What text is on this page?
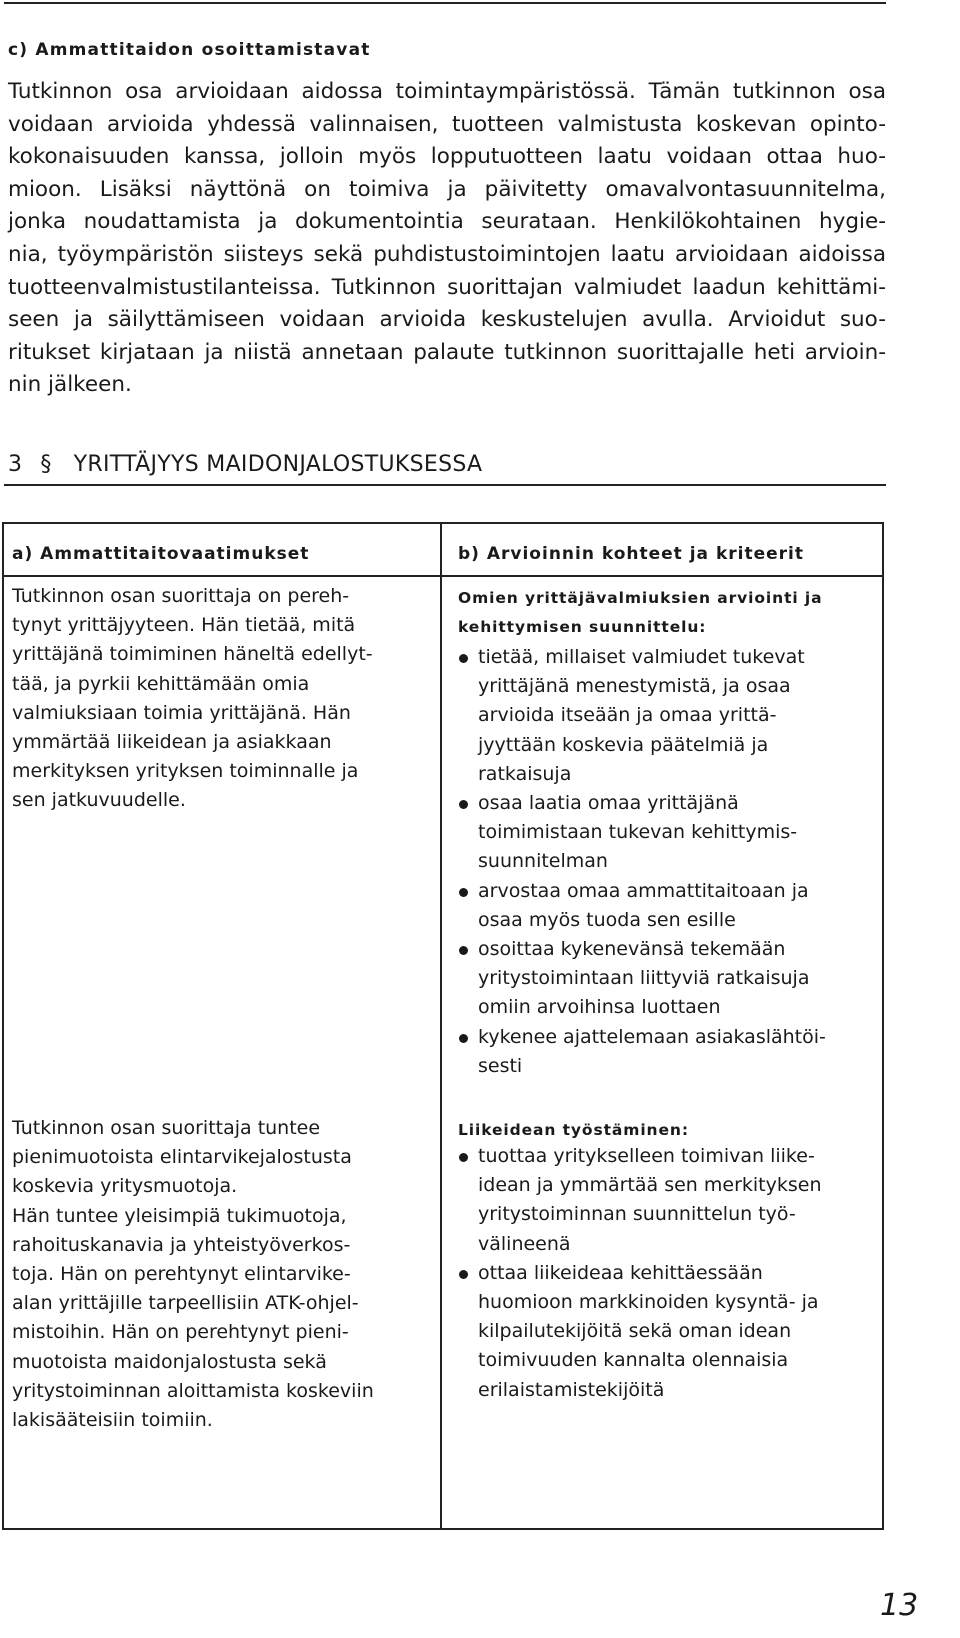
c) Ammattitaidon osoittamistavat

Tutkinnon osa arvioidaan aidossa toimintaympäristössä. Tämän tutkinnon osa
voidaan arvioida yhdessä valinnaisen, tuotteen valmistusta koskevan opinto-
kokonaisuuden kanssa, jolloin myös lopputuotteen laatu voidaan ottaa huo-
mioon. Lisäksi näyttönä on toimiva ja päivitetty omavalvontasuunnitelma,
jonka noudattamista ja dokumentointia seurataan. Henkilökohtainen hygie-
nia, työympäristön siisteys sekä puhdistustoimintojen laatu arvioidaan aidoissa
tuotteenvalmistustilanteissa. Tutkinnon suorittajan valmiudet laadun kehittämi-
seen ja säilyttämiseen voidaan arvioida keskustelujen avulla. Arvioidut suo-
ritukset kirjataan ja niistä annetaan palaute tutkinnon suorittajalle heti arvioin-
nin jälkeen.

3 § YRITTÄJYYS MAIDONJALOSTUKSESSA
a) Ammattitaitovaatimukset	b) Arvioinnin kohteet ja kriteerit

Tutkinnon osan suorittaja on pereh-
tynyt yrittäjyyteen. Hän tietää, mitä
yrittäjänä toimiminen häneltä edellyt-
tää, ja pyrkii kehittämään omia
valmiuksiaan toimia yrittäjänä. Hän
ymmärtää liikeidean ja asiakkaan
merkityksen yrityksen toiminnalle ja
sen jatkuvuudelle.

Tutkinnon osan suorittaja tuntee
pienimuotoista elintarvikejalostusta
koskevia yritysmuotoja.
Hän tuntee yleisimpiä tukimuotoja,
rahoituskanavia ja yhteistyöverkos-
toja. Hän on perehtynyt elintarvike-
alan yrittäjille tarpeellisiin ATK-ohjel-
mistoihin. Hän on perehtynyt pieni-
muotoista maidonjalostusta sekä
yritystoiminnan aloittamista koskeviin
lakisääteisiin toimiin.

Omien yrittäjävalmiuksien arviointi ja
kehittymisen suunnittelu:
tietää, millaiset valmiudet tukevat
yrittäjänä menestymistä, ja osaa
arvioida itseään ja omaa yrittä-
jyyttään koskevia päätelmiä ja
ratkaisuja
osaa laatia omaa yrittäjänä
toimimistaan tukevan kehittymis-
suunnitelman
arvostaa omaa ammattitaitoaan ja
osaa myös tuoda sen esille
osoittaa kykenevänsä tekemään
yritystoimintaan liittyviä ratkaisuja
omiin arvoihinsa luottaen
kykenee ajattelemaan asiakaslähtöi-
sesti
Liikeidean työstäminen:
tuottaa yritykselleen toimivan liike-
idean ja ymmärtää sen merkityksen
yritystoiminnan suunnittelun työ-
välineenä
ottaa liikeideaa kehittäessään
huomioon markkinoiden kysyntä- ja
kilpailutekijöitä sekä oman idean
toimivuuden kannalta olennaisia
erilaistamistekijöitä
13
